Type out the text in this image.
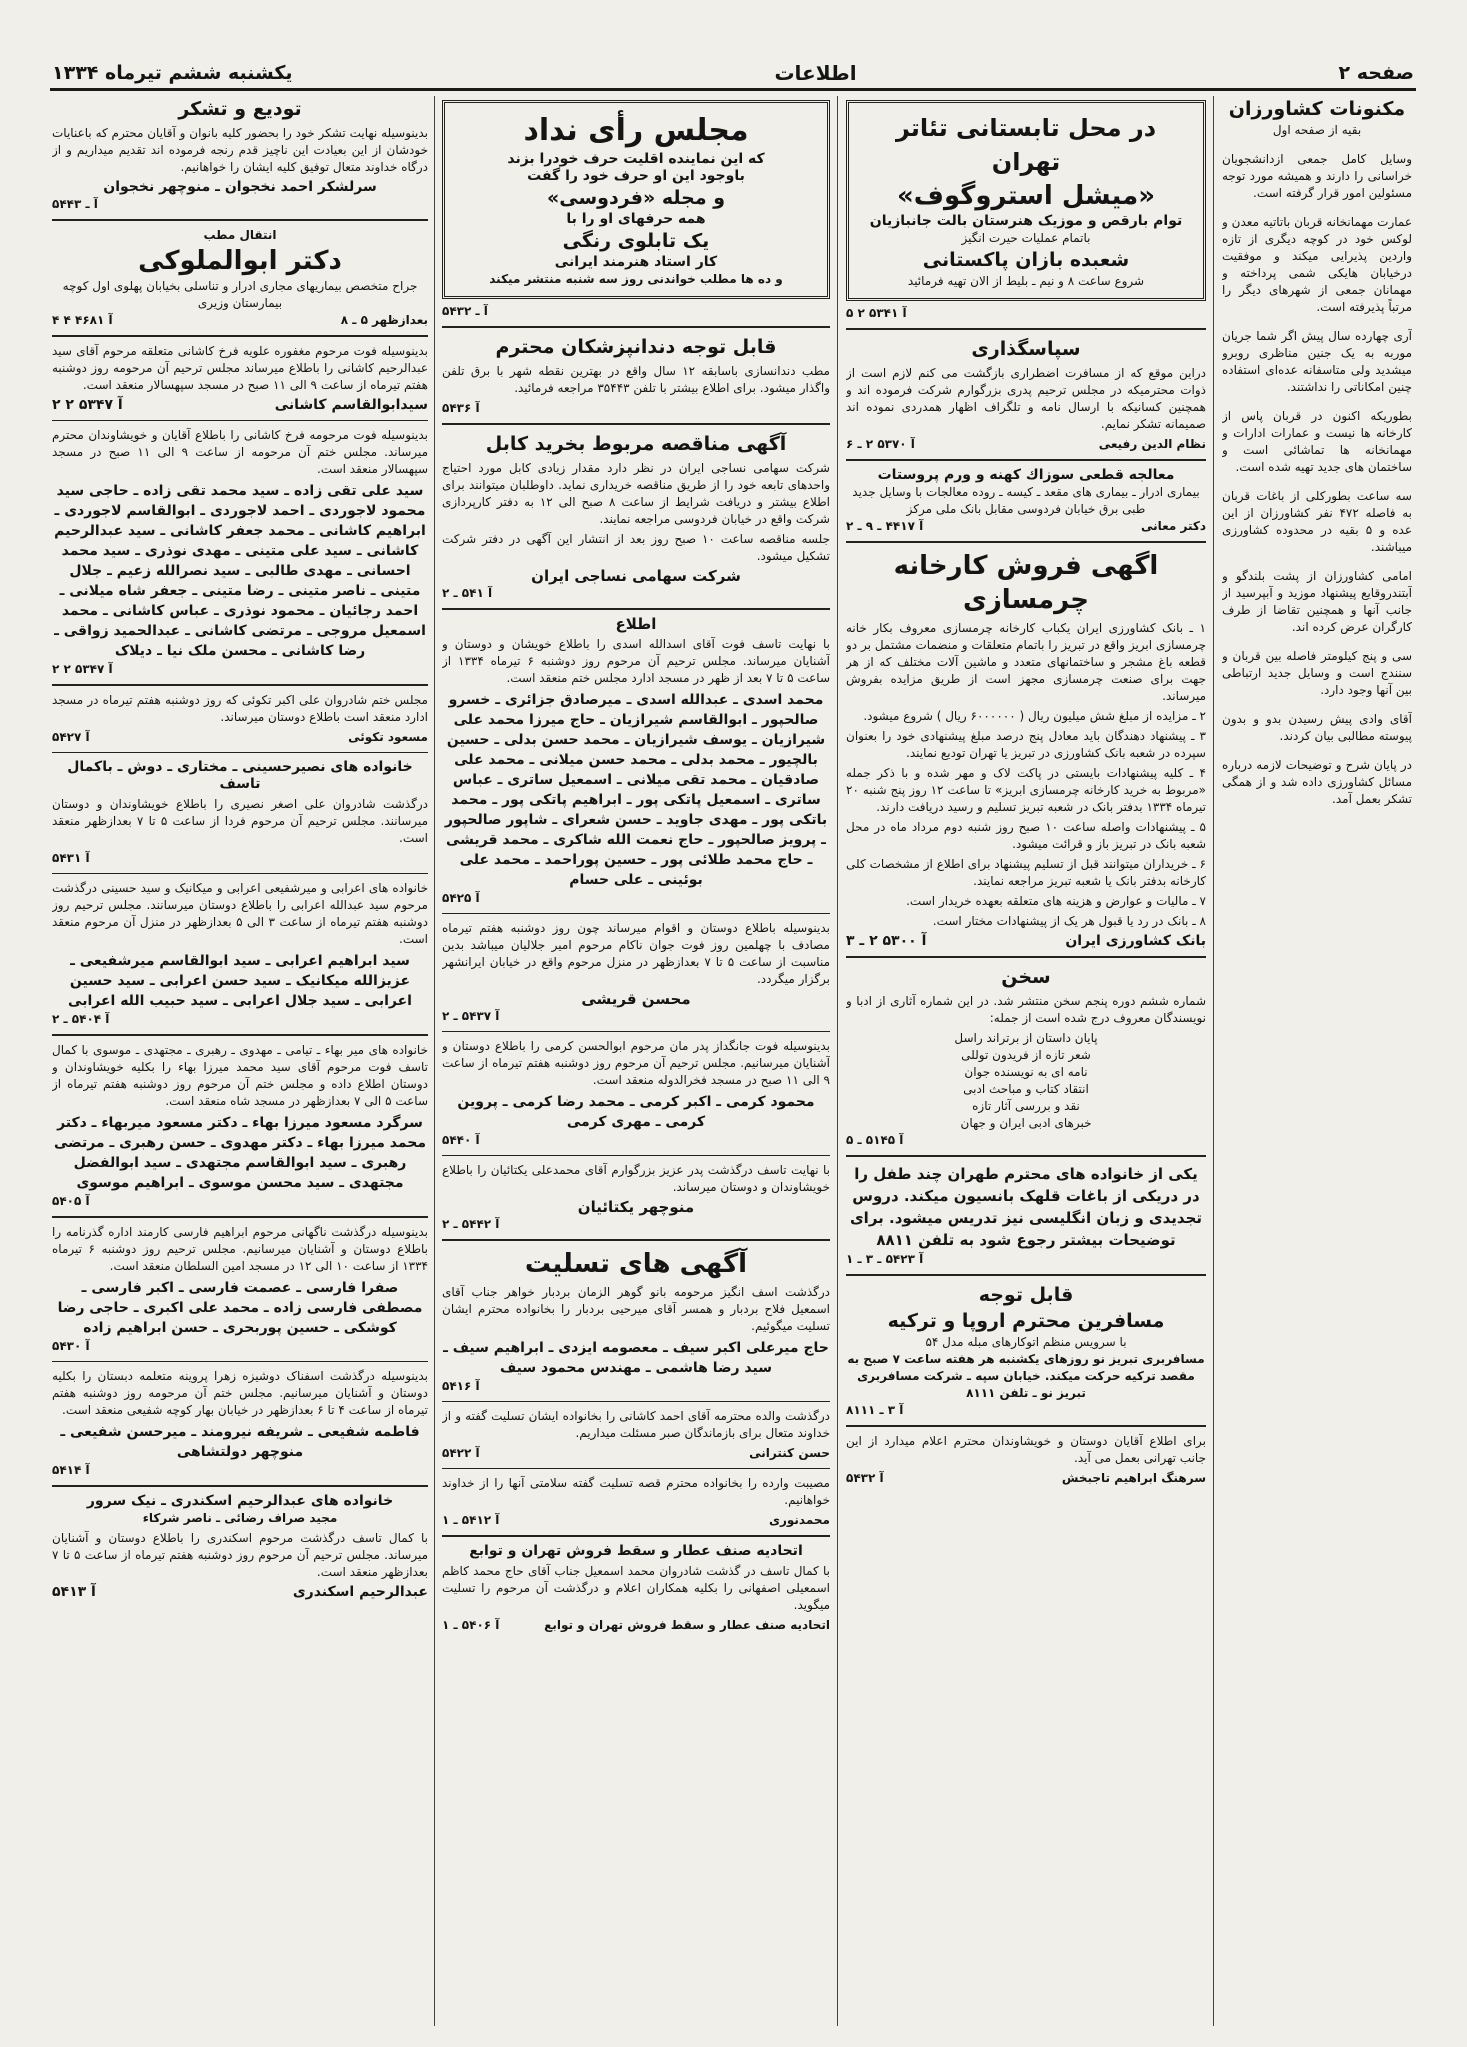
صفحه ۲
اطلاعات
یکشنبه ششم تیرماه ۱۳۳۴
مکنونات کشاورزان
بقیه از صفحه اول

وسایل کامل جمعی ازدانشجویان خراسانی را دارند و همیشه مورد توجه مسئولین امور قرار گرفته است.

عمارت مهمانخانه قربان باتاتیه معدن و لوکس خود در کوچه دیگری از تازه واردین پذیرایی میکند و موفقیت درخیابان هایکی شمی پرداخته و مهمانان جمعی از شهرهای دیگر را مرتباً پذیرفته است.

آری چهارده سال پیش اگر شما جریان موربه به یک جنین مناظری روبرو میشدید ولی متاسفانه عده‌ای استفاده چنین امکاناتی را نداشتند.

بطوریکه اکنون در قربان پاس از کارخانه ها نیست و عمارات ادارات و مهمانخانه ها تماشائی است و ساختمان های جدید تهیه شده است.

سه ساعت بطورکلی از باغات قربان به فاصله ۴۷۲ نفر کشاورزان از این عده و ۵ بقیه در محدوده کشاورزی میباشند.

امامی کشاورزان از پشت بلندگو و آبتندروقایع پیشنهاد موزید و آبپرسید از جانب آنها و همچنین تقاضا از طرف کارگران عرض کرده اند.

سی و پنج کیلومتر فاصله بین قربان و سنندج است و وسایل جدید ارتباطی بین آنها وجود دارد.

آقای وادی پیش رسیدن بدو و بدون پیوسته مطالبی بیان کردند.

در پایان شرح و توضیحات لازمه درباره مسائل کشاورزی داده شد و از همگی تشکر بعمل آمد.

در محل تابستانی تئاتر تهران
«میشل استروگوف»
توام بارقص و موزیک هنرستان بالت جانبازیان
باتمام عملیات حیرت انگیز
شعبده بازان پاکستانی
شروع ساعت ۸ و نیم ـ بلیط از الان تهیه فرمائید
آ ۵۳۴۱ ۲ ۵
سپاسگذاری

دراین موقع که از مسافرت اضطراری بازگشت می کنم لازم است از ذوات محترمیکه در مجلس ترحیم پدری بزرگوارم شرکت فرموده اند و همچنین کسانیکه با ارسال نامه و تلگراف اظهار همدردی نموده اند صمیمانه تشکر نمایم.

نظام الدین رفیعی
آ ۵۳۷۰ ۲ ـ ۶
معالجه قطعی سوزاك کهنه و ورم پروستات
بیماری ادرار ـ بیماری های مقعد ـ کیسه ـ روده معالجات با وسایل جدید
طبی برق خیابان فردوسی مقابل بانک ملی مرکز
دکتر معانی
آ ۴۴۱۷ ـ ۹ ـ ۲
اگهی فروش کارخانه چرمسازی

۱ ـ بانک کشاورزی ایران یکباب کارخانه چرمسازی معروف بکار خانه چرمسازی ابریز واقع در تبریز را باتمام متعلقات و منضمات مشتمل بر دو قطعه باغ مشجر و ساختمانهای متعدد و ماشین آلات مختلف که از هر جهت برای صنعت چرمسازی مجهز است از طریق مزایده بفروش میرساند.

۲ ـ مزایده از مبلغ شش میلیون ریال ( ۶۰۰۰۰۰۰ ریال ) شروع میشود.

۳ ـ پیشنهاد دهندگان باید معادل پنج درصد مبلغ پیشنهادی خود را بعنوان سپرده در شعبه بانک کشاورزی در تبریز یا تهران تودیع نمایند.

۴ ـ کلیه پیشنهادات بایستی در پاکت لاک و مهر شده و با ذکر جمله «مربوط به خرید کارخانه چرمسازی ابریز» تا ساعت ۱۲ روز پنج شنبه ۲۰ تیرماه ۱۳۳۴ بدفتر بانک در شعبه تبریز تسلیم و رسید دریافت دارند.

۵ ـ پیشنهادات واصله ساعت ۱۰ صبح روز شنبه دوم مرداد ماه در محل شعبه بانک در تبریز باز و قرائت میشود.

۶ ـ خریداران میتوانند قبل از تسلیم پیشنهاد برای اطلاع از مشخصات کلی کارخانه بدفتر بانک یا شعبه تبریز مراجعه نمایند.

۷ ـ مالیات و عوارض و هزینه های متعلقه بعهده خریدار است.

۸ ـ بانک در رد یا قبول هر یک از پیشنهادات مختار است.

بانک کشاورزی ایران
آ ۵۳۰۰ ۲ ـ ۳
سخن

شماره ششم دوره پنجم سخن منتشر شد. در این شماره آثاری از ادبا و نویسندگان معروف درج شده است از جمله:

پایان داستان از برتراند راسل
شعر تازه از فریدون توللی
نامه ای به نویسنده جوان
انتقاد کتاب و مباحث ادبی
نقد و بررسی آثار تازه
خبرهای ادبی ایران و جهان
آ ۵۱۴۵ ـ ۵
یکی از خانواده های محترم طهران چند طفل را در دریکی از باغات قلهک بانسیون میکند. دروس تجدیدی و زبان انگلیسی نیز تدریس میشود. برای توضیحات بیشتر رجوع شود به تلفن ۸۸۱۱
آ ۵۴۲۳ ـ ۳ ـ ۱
قابل توجه
مسافرین محترم اروپا و ترکیه
با سرویس منظم اتوکارهای مبله مدل ۵۴
مسافربری تبریز نو روزهای یکشنبه هر هفته ساعت ۷ صبح به مقصد ترکیه حرکت میکند. خیابان سپه ـ شرکت مسافربری تبریز نو ـ تلفن ۸۱۱۱
آ ۳ ـ ۸۱۱۱

برای اطلاع آقایان دوستان و خویشاوندان محترم اعلام میدارد از این جانب تهرانی بعمل می آید.

سرهنگ ابراهیم تاجبخش
آ ۵۴۳۲
مجلس رأی نداد
که این نماینده اقلیت حرف خودرا بزند
باوجود این او حرف خود را گفت
و مجله «فردوسی»
همه حرفهای او را با
یک تابلوی رنگی
کار استاد هنرمند ایرانی
و ده ها مطلب خواندنی روز سه شنبه منتشر میکند
آ ـ ۵۴۳۲
قابل توجه دندانپزشکان محترم

مطب دندانسازی باسابقه ۱۲ سال واقع در بهترین نقطه شهر با برق تلفن واگذار میشود. برای اطلاع بیشتر با تلفن ۳۵۴۴۳ مراجعه فرمائید.

آ ۵۴۳۶
آگهی مناقصه مربوط بخرید کابل

شرکت سهامی نساجی ایران در نظر دارد مقدار زیادی کابل مورد احتیاج واحدهای تابعه خود را از طریق مناقصه خریداری نماید. داوطلبان میتوانند برای اطلاع بیشتر و دریافت شرایط از ساعت ۸ صبح الی ۱۲ به دفتر کارپردازی شرکت واقع در خیابان فردوسی مراجعه نمایند.

جلسه مناقصه ساعت ۱۰ صبح روز بعد از انتشار این آگهی در دفتر شرکت تشکیل میشود.

شرکت سهامی نساجی ایران
آ ۵۴۱ ـ ۲
اطلاع

با نهایت تاسف فوت آقای اسدالله اسدی را باطلاع خویشان و دوستان و آشنایان میرساند. مجلس ترحیم آن مرحوم روز دوشنبه ۶ تیرماه ۱۳۳۴ از ساعت ۵ تا ۷ بعد از ظهر در مسجد ادارد مجلس ختم منعقد است.

محمد اسدی ـ عبدالله اسدی ـ میرصادق جزائری ـ خسرو صالحپور ـ ابوالقاسم شیرازیان ـ حاج میرزا محمد علی شیرازیان ـ یوسف شیرازیان ـ محمد حسن بدلی ـ حسین بالچیور ـ محمد بدلی ـ محمد حسن میلانی ـ محمد علی صادقیان ـ محمد تقی میلانی ـ اسمعیل ساتری ـ عباس ساتری ـ اسمعیل پاتکی پور ـ ابراهیم پاتکی پور ـ محمد باتکی پور ـ مهدی جاوید ـ حسن شعرای ـ شاپور صالحپور ـ پرویز صالحپور ـ حاج نعمت الله شاکری ـ محمد قریشی ـ حاج محمد طلائی پور ـ حسین پوراحمد ـ محمد علی بوئینی ـ علی حسام
آ ۵۴۲۵

بدینوسیله باطلاع دوستان و اقوام میرساند چون روز دوشنبه هفتم تیرماه مصادف با چهلمین روز فوت جوان ناکام مرحوم امیر جلالیان میباشد بدین مناسبت از ساعت ۵ تا ۷ بعدازظهر در منزل مرحوم واقع در خیابان ایرانشهر برگزار میگردد.

محسن قریشی
آ ۵۴۳۷ ـ ۲

بدینوسیله فوت جانگداز پدر مان مرحوم ابوالحسن کرمی را باطلاع دوستان و آشنایان میرسانیم. مجلس ترحیم آن مرحوم روز دوشنبه هفتم تیرماه از ساعت ۹ الی ۱۱ صبح در مسجد فخرالدوله منعقد است.

محمود کرمی ـ اکبر کرمی ـ محمد رضا کرمی ـ پروین کرمی ـ مهری کرمی
آ ۵۴۴۰

با نهایت تاسف درگذشت پدر عزیز بزرگوارم آقای محمدعلی یکتائیان را باطلاع خویشاوندان و دوستان میرساند.

منوچهر یکتائیان
آ ۵۴۴۲ ـ ۲
آگهی های تسلیت

درگذشت اسف انگیز مرحومه بانو گوهر الزمان بردبار خواهر جناب آقای اسمعیل فلاح بردبار و همسر آقای میرحیی بردبار را بخانواده محترم ایشان تسلیت میگوئیم.

حاج میرعلی اکبر سیف ـ معصومه ایزدی ـ ابراهیم سیف ـ سید رضا هاشمی ـ مهندس محمود سیف
آ ۵۴۱۶

درگذشت والده محترمه آقای احمد کاشانی را بخانواده ایشان تسلیت گفته و از خداوند متعال برای بازماندگان صبر مسئلت میداریم.

حسن کنترانی
آ ۵۴۲۲

مصیبت وارده را بخانواده محترم قصه تسلیت گفته سلامتی آنها را از خداوند خواهانیم.

محمدنوری
آ ۵۴۱۲ ـ ۱
اتحادیه صنف عطار و سقط فروش تهران و توابع

با کمال تاسف در گذشت شادروان محمد اسمعیل جناب آقای حاج محمد کاظم اسمعیلی اصفهانی را بکلیه همکاران اعلام و درگذشت آن مرحوم را تسلیت میگوید.

اتحادیه صنف عطار و سقط فروش تهران و توابع
آ ۵۴۰۶ ـ ۱
تودیع و تشکر

بدینوسیله نهایت تشکر خود را بحضور کلیه بانوان و آقایان محترم که باعنایات خودشان از این بعیادت این ناچیز قدم رنجه فرموده اند تقدیم میداریم و از درگاه خداوند متعال توفیق کلیه ایشان را خواهانیم.

سرلشکر احمد نخجوان ـ منوچهر نخجوان
آ ـ ۵۴۴۳
انتقال مطب
دکتر ابوالملوکی
جراح متخصص بیماریهای مجاری ادرار و تناسلی بخیابان پهلوی اول کوچه بیمارستان وزیری
بعدازظهر ۵ ـ ۸
آ ۴۶۸۱ ۴ ۴

بدینوسیله فوت مرحوم مغفوره علویه فرخ کاشانی متعلقه مرحوم آقای سید عبدالرحیم کاشانی را باطلاع میرساند مجلس ترحیم آن مرحومه روز دوشنبه هفتم تیرماه از ساعت ۹ الی ۱۱ صبح در مسجد سپهسالار منعقد است.

سیدابوالقاسم کاشانی
آ ۵۳۴۷ ۲ ۲

بدینوسیله فوت مرحومه فرخ کاشانی را باطلاع آقایان و خویشاوندان محترم میرساند. مجلس ختم آن مرحومه از ساعت ۹ الی ۱۱ صبح در مسجد سپهسالار منعقد است.

سید علی تقی زاده ـ سید محمد تقی زاده ـ حاجی سید محمود لاجوردی ـ احمد لاجوردی ـ ابوالقاسم لاجوردی ـ ابراهیم کاشانی ـ محمد جعفر کاشانی ـ سید عبدالرحیم کاشانی ـ سید علی متینی ـ مهدی نوذری ـ سید محمد احسانی ـ مهدی طالبی ـ سید نصرالله زعیم ـ جلال متینی ـ ناصر متینی ـ رضا متینی ـ جعفر شاه میلانی ـ احمد رجائیان ـ محمود نوذری ـ عباس کاشانی ـ محمد اسمعیل مروجی ـ مرتضی کاشانی ـ عبدالحمید زواقی ـ رضا کاشانی ـ محسن ملک نیا ـ دیلاک
آ ۵۳۴۷ ۲ ۲

مجلس ختم شادروان علی اکبر تکوئی که روز دوشنبه هفتم تیرماه در مسجد ادارد منعقد است باطلاع دوستان میرساند.

مسعود تکوئی
آ ۵۴۲۷
خانواده های نصیرحسینی ـ مختاری ـ دوش ـ باکمال تاسف

درگذشت شادروان علی اصغر نصیری را باطلاع خویشاوندان و دوستان میرسانند. مجلس ترحیم آن مرحوم فردا از ساعت ۵ تا ۷ بعدازظهر منعقد است.

آ ۵۴۳۱

خانواده های اعرابی و میرشفیعی اعرابی و میکانیک و سید حسینی درگذشت مرحوم سید عبدالله اعرابی را باطلاع دوستان میرسانند. مجلس ترحیم روز دوشنبه هفتم تیرماه از ساعت ۳ الی ۵ بعدازظهر در منزل آن مرحوم منعقد است.

سید ابراهیم اعرابی ـ سید ابوالقاسم میرشفیعی ـ عزیزالله میکانیک ـ سید حسن اعرابی ـ سید حسین اعرابی ـ سید جلال اعرابی ـ سید حبیب الله اعرابی
آ ۵۴۰۴ ـ ۲

خانواده های میر بهاء ـ تیامی ـ مهدوی ـ رهبری ـ مجتهدی ـ موسوی با کمال تاسف فوت مرحوم آقای سید محمد میرزا بهاء را بکلیه خویشاوندان و دوستان اطلاع داده و مجلس ختم آن مرحوم روز دوشنبه هفتم تیرماه از ساعت ۵ الی ۷ بعدازظهر در مسجد شاه منعقد است.

سرگرد مسعود میرزا بهاء ـ دکتر مسعود میربهاء ـ دکتر محمد میرزا بهاء ـ دکتر مهدوی ـ حسن رهبری ـ مرتضی رهبری ـ سید ابوالقاسم مجتهدی ـ سید ابوالفضل مجتهدی ـ سید محسن موسوی ـ ابراهیم موسوی
آ ۵۴۰۵

بدینوسیله درگذشت ناگهانی مرحوم ابراهیم فارسی کارمند اداره گذرنامه را باطلاع دوستان و آشنایان میرسانیم. مجلس ترحیم روز دوشنبه ۶ تیرماه ۱۳۳۴ از ساعت ۱۰ الی ۱۲ در مسجد امین السلطان منعقد است.

صفرا فارسی ـ عصمت فارسی ـ اکبر فارسی ـ مصطفی فارسی زاده ـ محمد علی اکبری ـ حاجی رضا کوشکی ـ حسین پوربحری ـ حسن ابراهیم زاده
آ ۵۴۳۰

بدینوسیله درگذشت اسفناک دوشیزه زهرا پروینه متعلمه دبستان را بکلیه دوستان و آشنایان میرسانیم. مجلس ختم آن مرحومه روز دوشنبه هفتم تیرماه از ساعت ۴ تا ۶ بعدازظهر در خیابان بهار کوچه شفیعی منعقد است.

فاطمه شفیعی ـ شریفه نیرومند ـ میرحسن شفیعی ـ منوچهر دولتشاهی
آ ۵۴۱۴
خانواده های عبدالرحیم اسکندری ـ نیک سرور
مجید صراف رضائی ـ ناصر شرکاء

با کمال تاسف درگذشت مرحوم اسکندری را باطلاع دوستان و آشنایان میرساند. مجلس ترحیم آن مرحوم روز دوشنبه هفتم تیرماه از ساعت ۵ تا ۷ بعدازظهر منعقد است.

عبدالرحیم اسکندری
آ ۵۴۱۳
